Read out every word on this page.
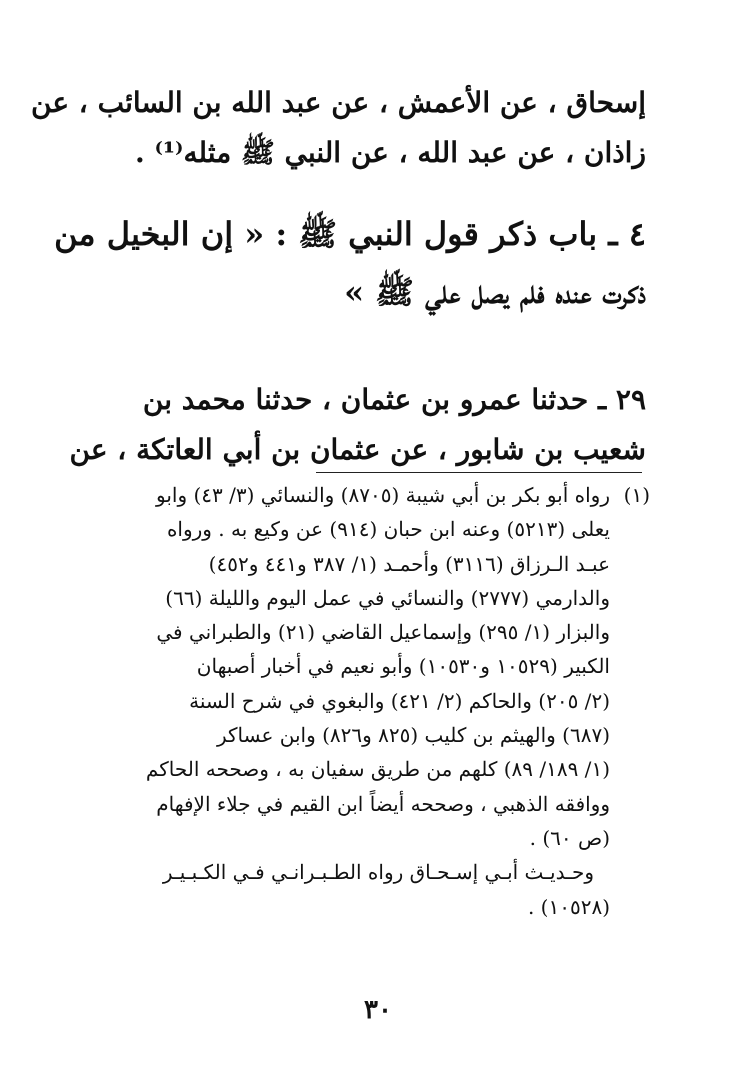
إسحاق ، عن الأعمش ، عن عبد الله بن السائب ، عن
زاذان ، عن عبد الله ، عن النبي ﷺ مثله⁽¹⁾ .
٤ ـ باب ذكر قول النبي ﷺ : « إن البخيل من
ذكرت عنده فلم يصل علي ﷺ »
٢٩ ـ حدثنا عمرو بن عثمان ، حدثنا محمد بن
شعيب بن شابور ، عن عثمان بن أبي العاتكة ، عن
(١)
رواه أبو بكر بن أبي شيبة (٨٧٠٥) والنسائي (٣/ ٤٣) وابو
يعلى (٥٢١٣) وعنه ابن حبان (٩١٤) عن وكيع به . ورواه
عبـد الـرزاق (٣١١٦) وأحمـد (١/ ٣٨٧ و٤٤١ و٤٥٢)
والدارمي (٢٧٧٧) والنسائي في عمل اليوم والليلة (٦٦)
والبزار (١/ ٢٩٥) وإسماعيل القاضي (٢١) والطبراني في
الكبير (١٠٥٢٩ و١٠٥٣٠) وأبو نعيم في أخبار أصبهان
(٢/ ٢٠٥) والحاكم (٢/ ٤٢١) والبغوي في شرح السنة
(٦٨٧) والهيثم بن كليب (٨٢٥ و٨٢٦) وابن عساكر
(١/ ١٨٩/ ٨٩) كلهم من طريق سفيان به ، وصححه الحاكم
ووافقه الذهبي ، وصححه أيضاً ابن القيم في جلاء الإفهام
(ص ٦٠) .
وحـديـث أبـي إسـحـاق رواه الطـبـرانـي فـي الكـبـيـر
(١٠٥٢٨) .
٣٠
